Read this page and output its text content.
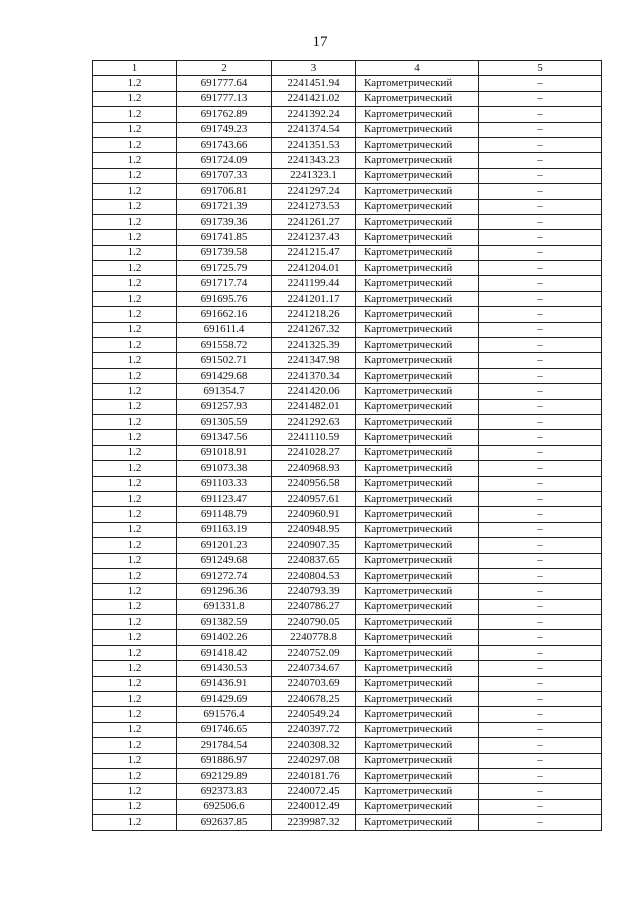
17
1	2	3	4	5
1.2	691777.64	2241451.94	Картометрический	–
1.2	691777.13	2241421.02	Картометрический	–
1.2	691762.89	2241392.24	Картометрический	–
1.2	691749.23	2241374.54	Картометрический	–
1.2	691743.66	2241351.53	Картометрический	–
1.2	691724.09	2241343.23	Картометрический	–
1.2	691707.33	2241323.1	Картометрический	–
1.2	691706.81	2241297.24	Картометрический	–
1.2	691721.39	2241273.53	Картометрический	–
1.2	691739.36	2241261.27	Картометрический	–
1.2	691741.85	2241237.43	Картометрический	–
1.2	691739.58	2241215.47	Картометрический	–
1.2	691725.79	2241204.01	Картометрический	–
1.2	691717.74	2241199.44	Картометрический	–
1.2	691695.76	2241201.17	Картометрический	–
1.2	691662.16	2241218.26	Картометрический	–
1.2	691611.4	2241267.32	Картометрический	–
1.2	691558.72	2241325.39	Картометрический	–
1.2	691502.71	2241347.98	Картометрический	–
1.2	691429.68	2241370.34	Картометрический	–
1.2	691354.7	2241420.06	Картометрический	–
1.2	691257.93	2241482.01	Картометрический	–
1.2	691305.59	2241292.63	Картометрический	–
1.2	691347.56	2241110.59	Картометрический	–
1.2	691018.91	2241028.27	Картометрический	–
1.2	691073.38	2240968.93	Картометрический	–
1.2	691103.33	2240956.58	Картометрический	–
1.2	691123.47	2240957.61	Картометрический	–
1.2	691148.79	2240960.91	Картометрический	–
1.2	691163.19	2240948.95	Картометрический	–
1.2	691201.23	2240907.35	Картометрический	–
1.2	691249.68	2240837.65	Картометрический	–
1.2	691272.74	2240804.53	Картометрический	–
1.2	691296.36	2240793.39	Картометрический	–
1.2	691331.8	2240786.27	Картометрический	–
1.2	691382.59	2240790.05	Картометрический	–
1.2	691402.26	2240778.8	Картометрический	–
1.2	691418.42	2240752.09	Картометрический	–
1.2	691430.53	2240734.67	Картометрический	–
1.2	691436.91	2240703.69	Картометрический	–
1.2	691429.69	2240678.25	Картометрический	–
1.2	691576.4	2240549.24	Картометрический	–
1.2	691746.65	2240397.72	Картометрический	–
1.2	291784.54	2240308.32	Картометрический	–
1.2	691886.97	2240297.08	Картометрический	–
1.2	692129.89	2240181.76	Картометрический	–
1.2	692373.83	2240072.45	Картометрический	–
1.2	692506.6	2240012.49	Картометрический	–
1.2	692637.85	2239987.32	Картометрический	–
